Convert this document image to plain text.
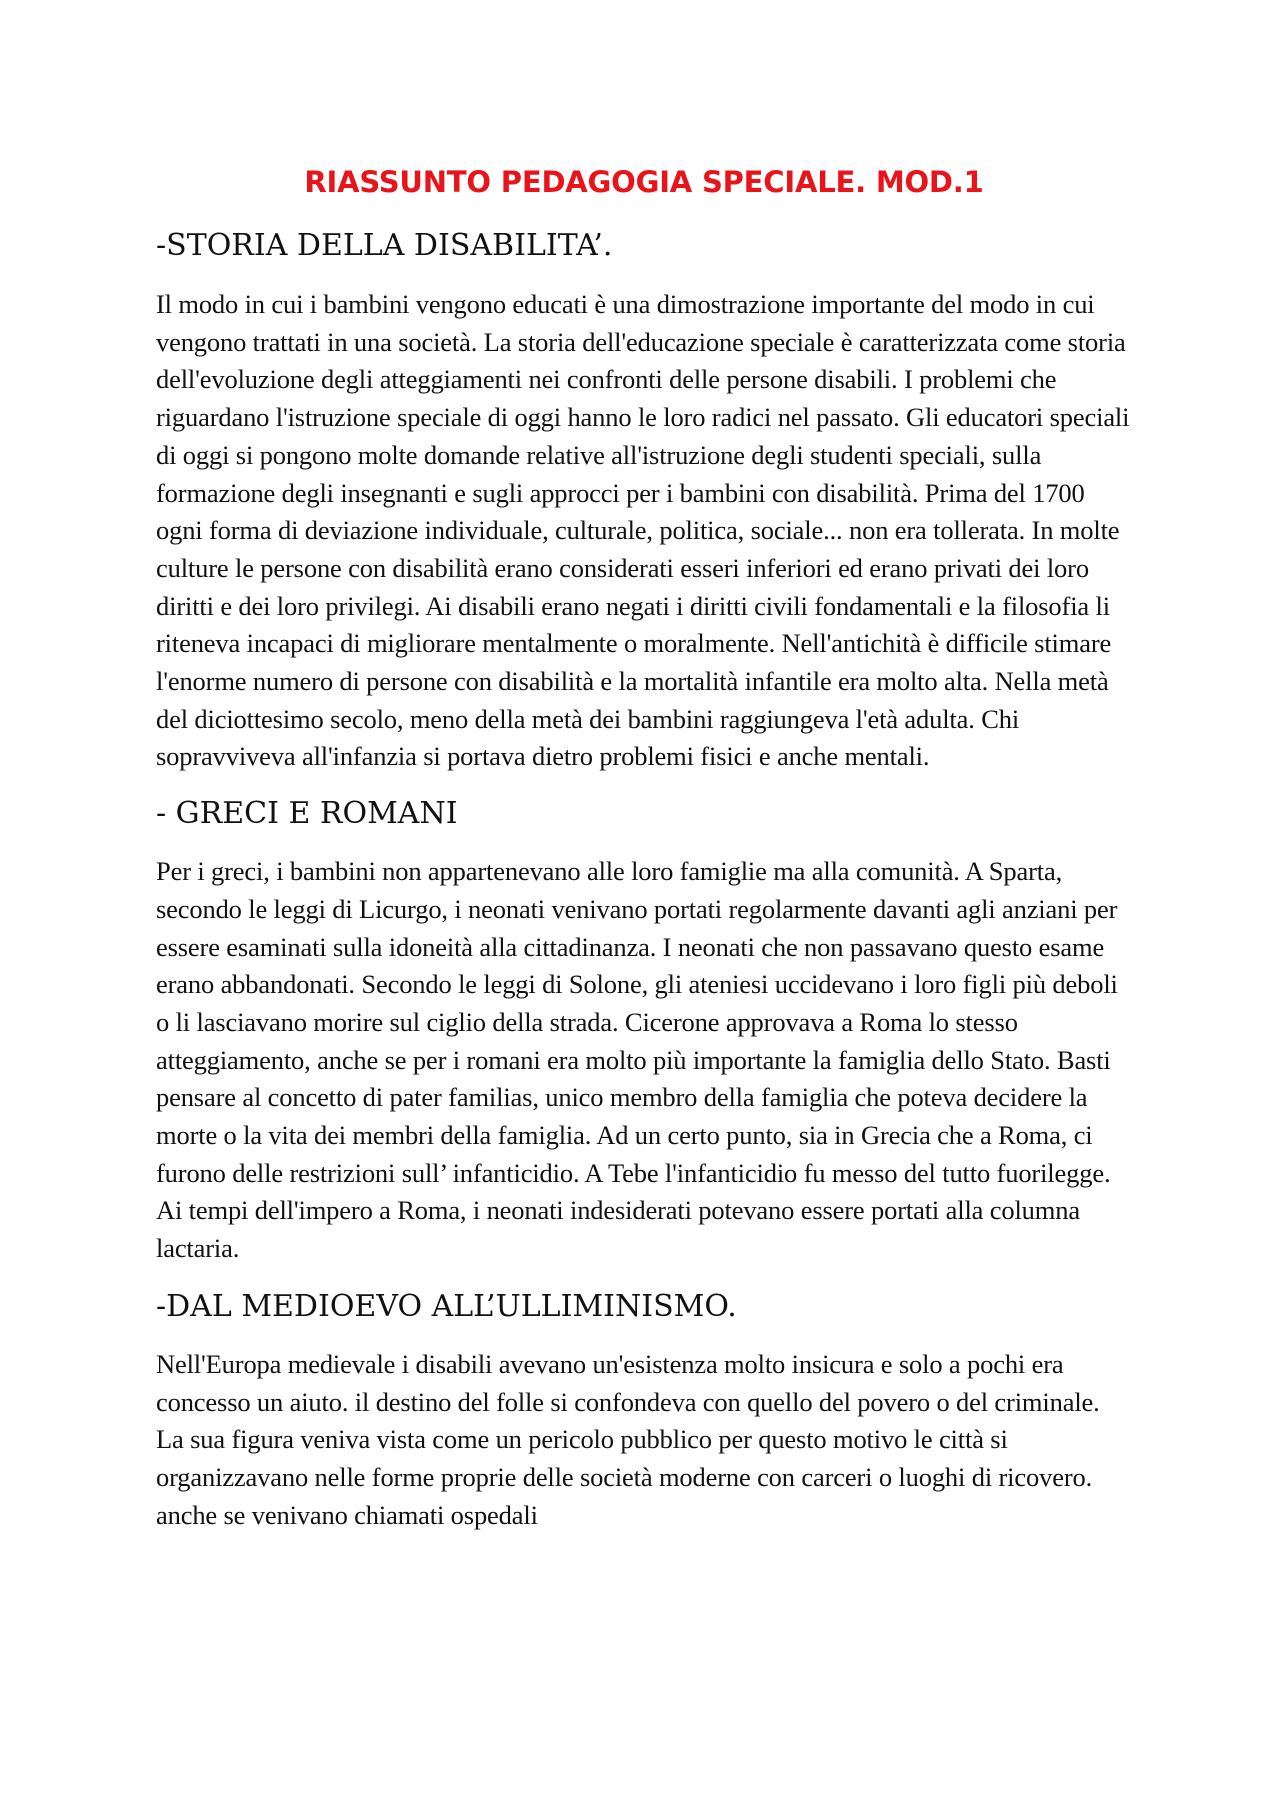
RIASSUNTO PEDAGOGIA SPECIALE. MOD.1
-STORIA DELLA DISABILITA’.

Il modo in cui i bambini vengono educati è una dimostrazione importante del modo in cui vengono trattati in una società. La storia dell'educazione speciale è caratterizzata come storia dell'evoluzione degli atteggiamenti nei confronti delle persone disabili. I problemi che riguardano l'istruzione speciale di oggi hanno le loro radici nel passato. Gli educatori speciali di oggi si pongono molte domande relative all'istruzione degli studenti speciali, sulla formazione degli insegnanti e sugli approcci per i bambini con disabilità. Prima del 1700 ogni forma di deviazione individuale, culturale, politica, sociale... non era tollerata. In molte culture le persone con disabilità erano considerati esseri inferiori ed erano privati dei loro diritti e dei loro privilegi. Ai disabili erano negati i diritti civili fondamentali e la filosofia li riteneva incapaci di migliorare mentalmente o moralmente. Nell'antichità è difficile stimare l'enorme numero di persone con disabilità e la mortalità infantile era molto alta. Nella metà del diciottesimo secolo, meno della metà dei bambini raggiungeva l'età adulta. Chi sopravviveva all'infanzia si portava dietro problemi fisici e anche mentali.

- GRECI E ROMANI

Per i greci, i bambini non appartenevano alle loro famiglie ma alla comunità. A Sparta, secondo le leggi di Licurgo, i neonati venivano portati regolarmente davanti agli anziani per essere esaminati sulla idoneità alla cittadinanza. I neonati che non passavano questo esame erano abbandonati. Secondo le leggi di Solone, gli ateniesi uccidevano i loro figli più deboli o li lasciavano morire sul ciglio della strada. Cicerone approvava a Roma lo stesso atteggiamento, anche se per i romani era molto più importante la famiglia dello Stato. Basti pensare al concetto di pater familias, unico membro della famiglia che poteva decidere la morte o la vita dei membri della famiglia. Ad un certo punto, sia in Grecia che a Roma, ci furono delle restrizioni sull’ infanticidio. A Tebe l'infanticidio fu messo del tutto fuorilegge. Ai tempi dell'impero a Roma, i neonati indesiderati potevano essere portati alla columna lactaria.

-DAL MEDIOEVO ALL’ULLIMINISMO.

Nell'Europa medievale i disabili avevano un'esistenza molto insicura e solo a pochi era concesso un aiuto. il destino del folle si confondeva con quello del povero o del criminale. La sua figura veniva vista come un pericolo pubblico per questo motivo le città si organizzavano nelle forme proprie delle società moderne con carceri o luoghi di ricovero. anche se venivano chiamati ospedali
